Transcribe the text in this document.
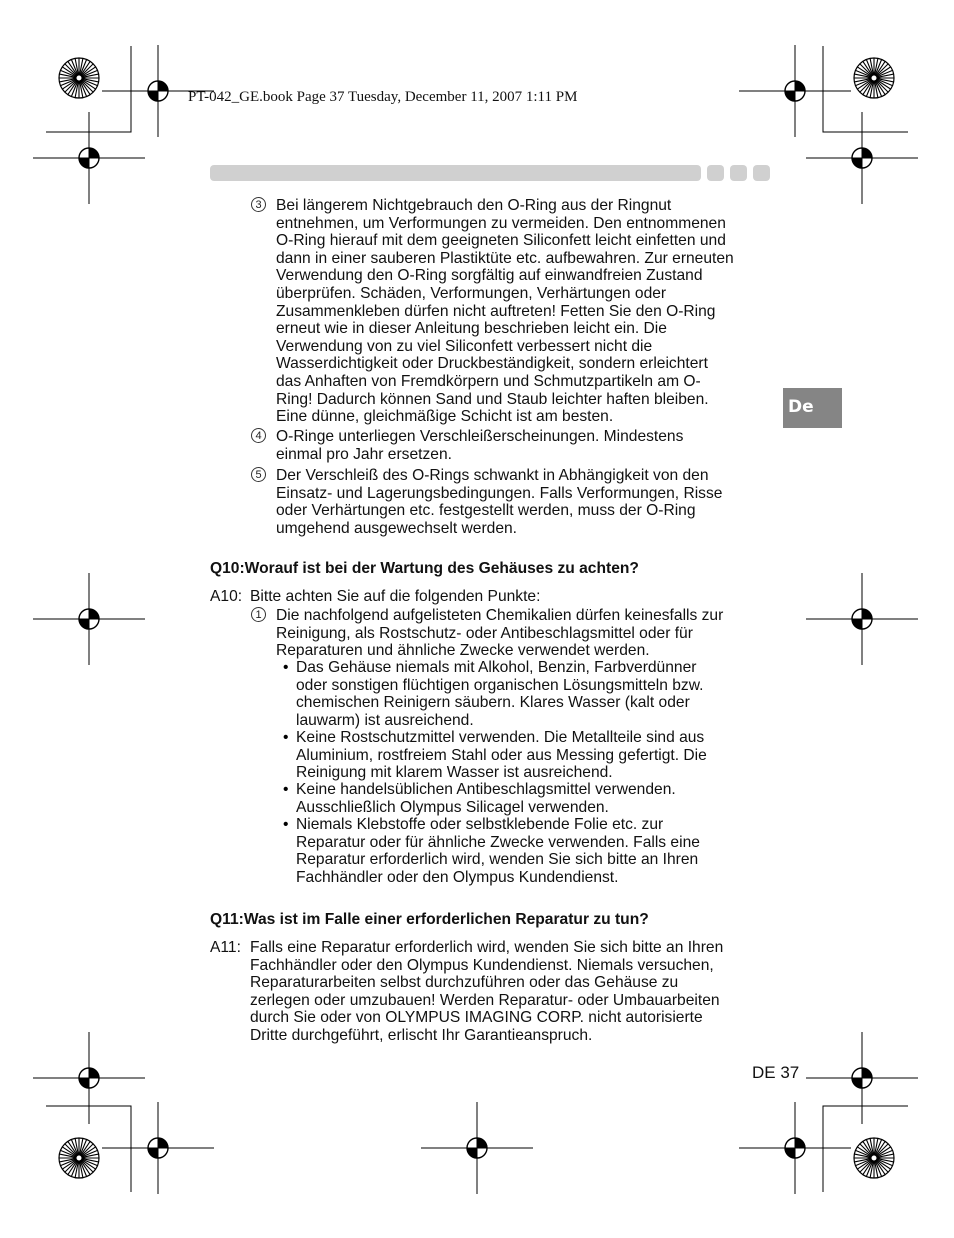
PT-042_GE.book Page 37 Tuesday, December 11, 2007 1:11 PM
De
3 Bei längerem Nichtgebrauch den O-Ring aus der Ringnut

entnehmen, um Verformungen zu vermeiden. Den entnommenen

O-Ring hierauf mit dem geeigneten Siliconfett leicht einfetten und

dann in einer sauberen Plastiktüte etc. aufbewahren. Zur erneuten

Verwendung den O-Ring sorgfältig auf einwandfreien Zustand

überprüfen. Schäden, Verformungen, Verhärtungen oder

Zusammenkleben dürfen nicht auftreten! Fetten Sie den O-Ring

erneut wie in dieser Anleitung beschrieben leicht ein. Die

Verwendung von zu viel Siliconfett verbessert nicht die

Wasserdichtigkeit oder Druckbeständigkeit, sondern erleichtert

das Anhaften von Fremdkörpern und Schmutzpartikeln am O-

Ring! Dadurch können Sand und Staub leichter haften bleiben.

Eine dünne, gleichmäßige Schicht ist am besten.

4 O-Ringe unterliegen Verschleißerscheinungen. Mindestens

einmal pro Jahr ersetzen.

5 Der Verschleiß des O-Rings schwankt in Abhängigkeit von den

Einsatz- und Lagerungsbedingungen. Falls Verformungen, Risse

oder Verhärtungen etc. festgestellt werden, muss der O-Ring

umgehend ausgewechselt werden.

Q10:Worauf ist bei der Wartung des Gehäuses zu achten?
A10: Bitte achten Sie auf die folgenden Punkte:
1 Die nachfolgend aufgelisteten Chemikalien dürfen keinesfalls zur

Reinigung, als Rostschutz- oder Antibeschlagsmittel oder für

Reparaturen und ähnliche Zwecke verwendet werden.

• Das Gehäuse niemals mit Alkohol, Benzin, Farbverdünner

oder sonstigen flüchtigen organischen Lösungsmitteln bzw.

chemischen Reinigern säubern. Klares Wasser (kalt oder

lauwarm) ist ausreichend.

• Keine Rostschutzmittel verwenden. Die Metallteile sind aus

Aluminium, rostfreiem Stahl oder aus Messing gefertigt. Die

Reinigung mit klarem Wasser ist ausreichend.

• Keine handelsüblichen Antibeschlagsmittel verwenden.

Ausschließlich Olympus Silicagel verwenden.

• Niemals Klebstoffe oder selbstklebende Folie etc. zur

Reparatur oder für ähnliche Zwecke verwenden. Falls eine

Reparatur erforderlich wird, wenden Sie sich bitte an Ihren

Fachhändler oder den Olympus Kundendienst.

Q11:Was ist im Falle einer erforderlichen Reparatur zu tun?
A11: Falls eine Reparatur erforderlich wird, wenden Sie sich bitte an Ihren

Fachhändler oder den Olympus Kundendienst. Niemals versuchen,

Reparaturarbeiten selbst durchzuführen oder das Gehäuse zu

zerlegen oder umzubauen! Werden Reparatur- oder Umbauarbeiten

durch Sie oder von OLYMPUS IMAGING CORP. nicht autorisierte

Dritte durchgeführt, erlischt Ihr Garantieanspruch.

DE 37
